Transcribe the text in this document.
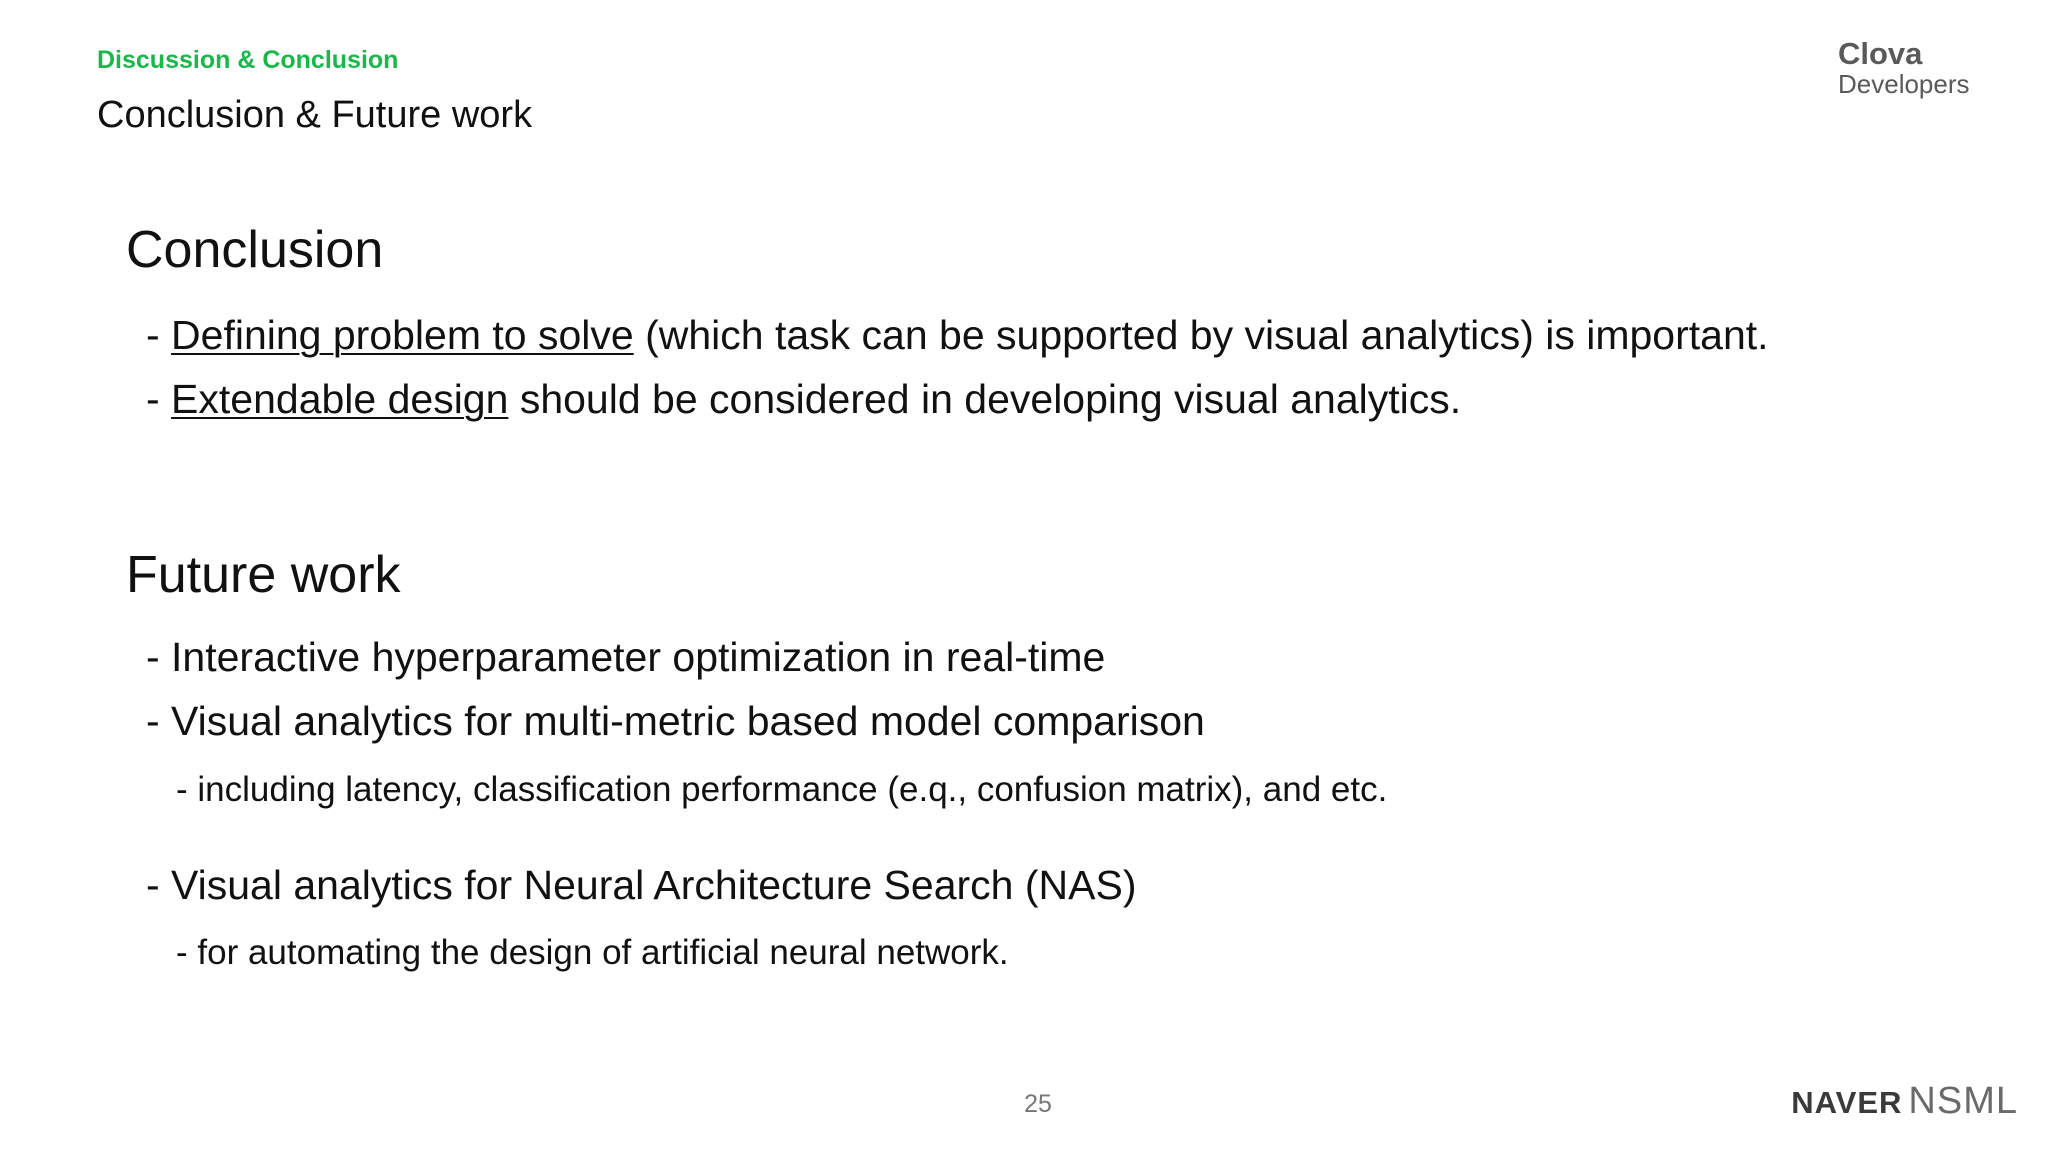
Discussion & Conclusion
Conclusion & Future work
Clova
Developers
Conclusion
- Defining problem to solve (which task can be supported by visual analytics) is important.
- Extendable design should be considered in developing visual analytics.
Future work
- Interactive hyperparameter optimization in real-time
- Visual analytics for multi-metric based model comparison
- including latency, classification performance (e.q., confusion matrix), and etc.
- Visual analytics for Neural Architecture Search (NAS)
- for automating the design of artificial neural network.
25	NAVER NSML
